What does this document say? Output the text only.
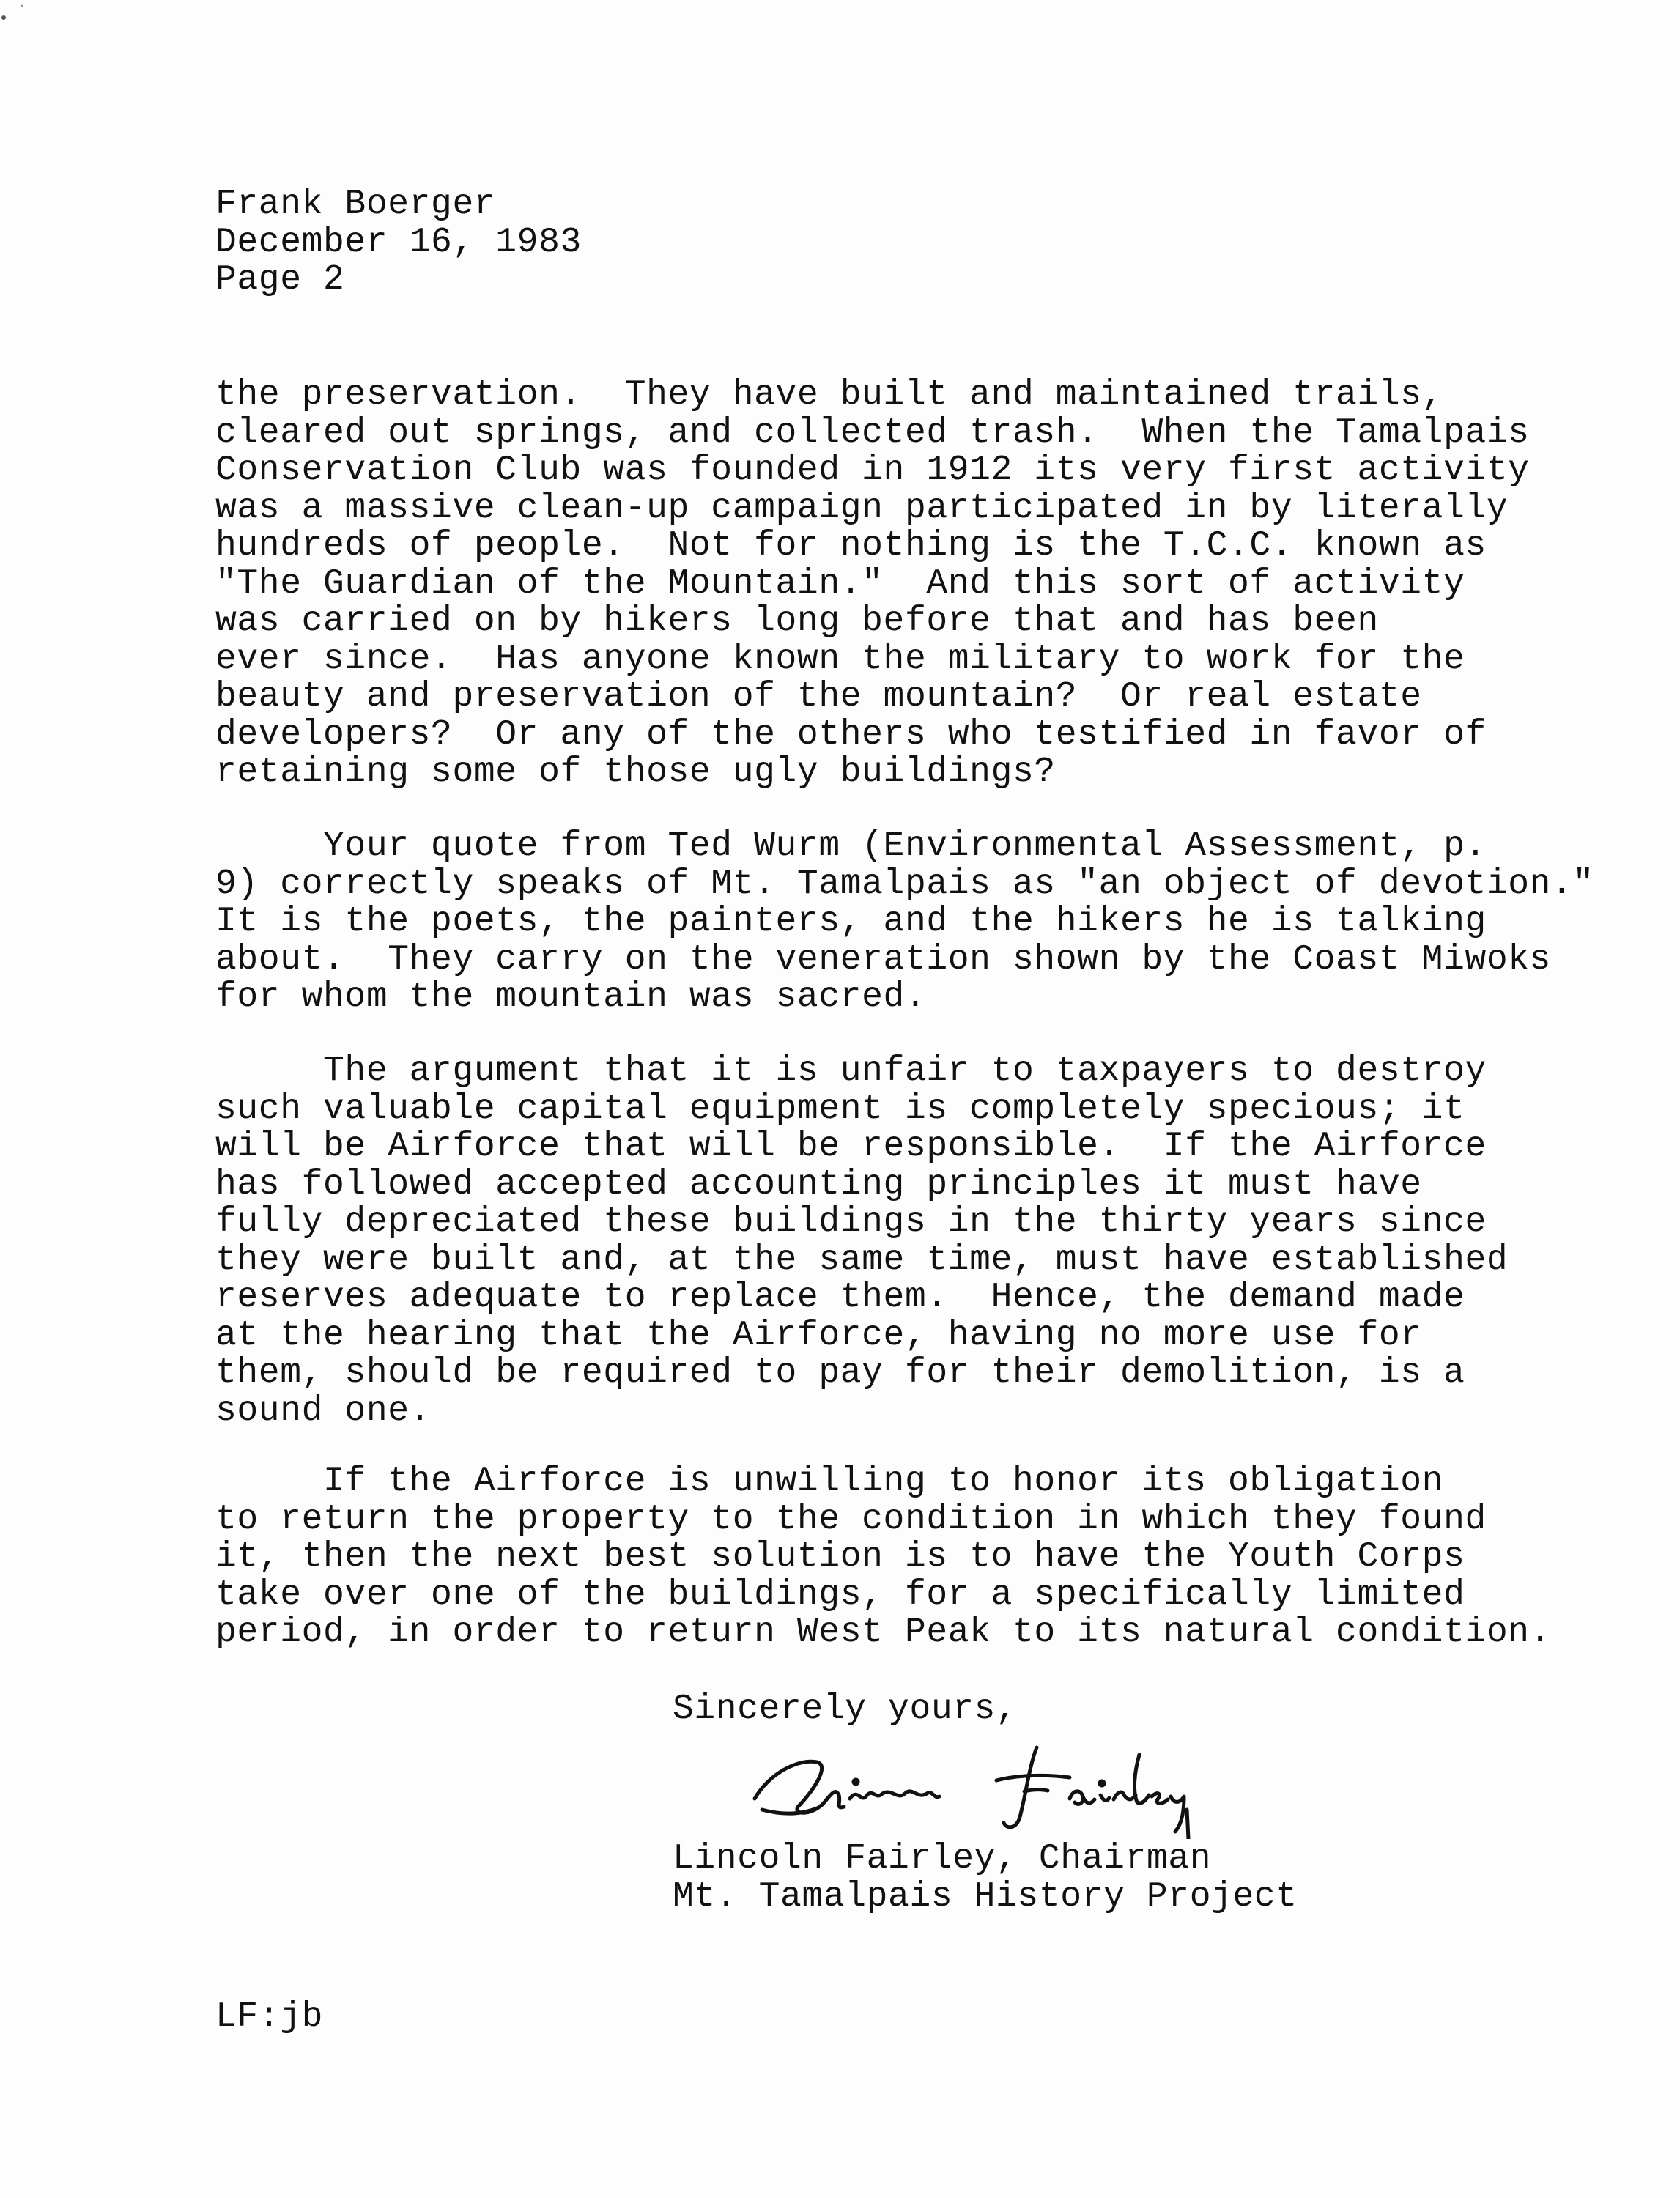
Frank Boerger
December 16, 1983
Page 2
the preservation.  They have built and maintained trails,
cleared out springs, and collected trash.  When the Tamalpais
Conservation Club was founded in 1912 its very first activity
was a massive clean-up campaign participated in by literally
hundreds of people.  Not for nothing is the T.C.C. known as
"The Guardian of the Mountain."  And this sort of activity
was carried on by hikers long before that and has been
ever since.  Has anyone known the military to work for the
beauty and preservation of the mountain?  Or real estate
developers?  Or any of the others who testified in favor of
retaining some of those ugly buildings?
Your quote from Ted Wurm (Environmental Assessment, p.
9) correctly speaks of Mt. Tamalpais as "an object of devotion."
It is the poets, the painters, and the hikers he is talking
about.  They carry on the veneration shown by the Coast Miwoks
for whom the mountain was sacred.
The argument that it is unfair to taxpayers to destroy
such valuable capital equipment is completely specious; it
will be Airforce that will be responsible.  If the Airforce
has followed accepted accounting principles it must have
fully depreciated these buildings in the thirty years since
they were built and, at the same time, must have established
reserves adequate to replace them.  Hence, the demand made
at the hearing that the Airforce, having no more use for
them, should be required to pay for their demolition, is a
sound one.
If the Airforce is unwilling to honor its obligation
to return the property to the condition in which they found
it, then the next best solution is to have the Youth Corps
take over one of the buildings, for a specifically limited
period, in order to return West Peak to its natural condition.
Sincerely yours,
Lincoln Fairley, Chairman
Mt. Tamalpais History Project
LF:jb
